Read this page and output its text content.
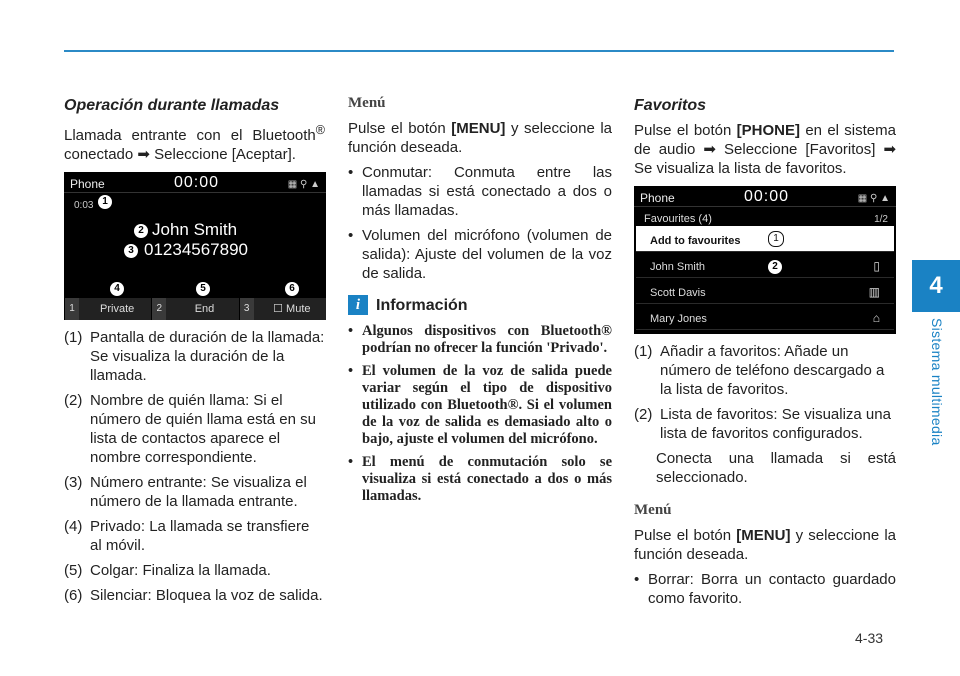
4
Sistema multimedia
4-33
Operación durante llamadas

Llamada entrante con el Bluetooth® conectado ➡ Seleccione [Aceptar].

Phone	00:00	▦ ⚲ ▲
0:03 1
2 John Smith
3 01234567890
4	5	6
1	Private	2	End	3	☐ Mute
(1) Pantalla de duración de la llamada: Se visualiza la duración de la llamada.
(2) Nombre de quién llama: Si el número de quién llama está en su lista de contactos aparece el nombre correspondiente.
(3) Número entrante: Se visualiza el número de la llamada entrante.
(4) Privado: La llamada se transfiere al móvil.
(5) Colgar: Finaliza la llamada.
(6) Silenciar: Bloquea la voz de salida.
Menú

Pulse el botón [MENU] y seleccione la función deseada.

• Conmutar: Conmuta entre las llamadas si está conectado a dos o más llamadas.
• Volumen del micrófono (volumen de salida): Ajuste del volumen de la voz de salida.
i Información
• Algunos dispositivos con Bluetooth® podrían no ofrecer la función 'Privado'.
• El volumen de la voz de salida puede variar según el tipo de dispositivo utilizado con Bluetooth®. Si el volumen de la voz de salida es demasiado alto o bajo, ajuste el volumen del micrófono.
• El menú de conmutación solo se visualiza si está conectado a dos o más llamadas.
Favoritos

Pulse el botón [PHONE] en el sistema de audio ➡ Seleccione [Favoritos] ➡ Se visualiza la lista de favoritos.

Phone	00:00	▦ ⚲ ▲
Favourites (4)	1/2
Add to favourites	1
John Smith	▯
2
Scott Davis	▥
Mary Jones	⌂
(1) Añadir a favoritos: Añade un número de teléfono descargado a la lista de favoritos.
(2) Lista de favoritos: Se visualiza una lista de favoritos configurados.

Conecta una llamada si está seleccionado.

Menú

Pulse el botón [MENU] y seleccione la función deseada.

• Borrar: Borra un contacto guardado como favorito.
